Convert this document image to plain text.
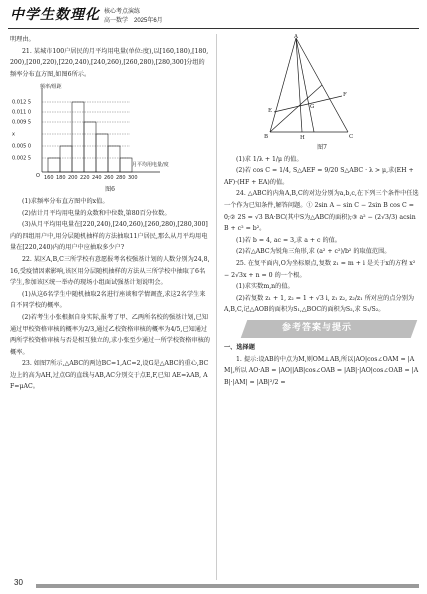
中学生数理化 核心考点演练
高一数学　2025年6月
明理由。
21. 某城市100户居民的月平均用电量(单位:度),以[160,180),[180,200),[200,220),[220,240),[240,260),[260,280),[280,300]分组的频率分布直方图,如图6所示。
频率/组距
O
0.012 5
0.011 0
0.009 5
x
0.005 0
0.002 5
160 180 200 220 240 260 280 300
月平均用电量/度
图6
(1)求频率分布直方图中的x值。
(2)估计月平均用电量的众数和中位数,第80百分位数。
(3)从月平均用电量在[220,240),[240,260),[260,280),[280,300]内的四组用户中,用分层随机抽样的方法抽取11户居民,那么从月平均用电量在[220,240)内的用户中应抽取多少户?
22. 某区A,B,C三所学校有意愿报考名校强基计划的人数分别为24,8,16,受疫情因素影响,该区用分层随机抽样的方法从三所学校中抽取了6名学生,参加该区统一举办的现场小组面试强基计划说明会。
(1)从这6名学生中随机抽取2名进行座谈和学情调查,求这2名学生来自不同学校的概率。
(2)若考生小张根据自身实际,报考了甲、乙两所名校的强基计划,已知通过甲校资格审核的概率为2/3,通过乙校资格审核的概率为4/5,已知通过两所学校资格审核与否是相互独立的,求小张至少通过一所学校资格审核的概率。
23. 如图7所示,△ABC的两边BC=1,AC=2,设G是△ABC的重心,BC边上的高为AH,过点G的直线与AB,AC分别交于点E,F,已知 AE=λAB, AF=μAC。
A
E
G
F
B	H	C
图7
(1)求 1/λ + 1/μ 的值。
(2)若 cos C = 1/4, S△AEF = 9/20 S△ABC · λ > μ,求(EH + AF)·(HF + EA)的值。
24. △ABC的内角A,B,C的对边分别为a,b,c,在下列三个条件中任选一个作为已知条件,解答问题。① 2sin A − sin C − 2sin B cos C = 0;② 2S = √3 BA·BC(其中S为△ABC的面积);③ a² − (2√3/3) acsin B + c² = b²。
(1)若 b = 4, ac = 3,求 a + c 的值。
(2)若△ABC为锐角三角形,求 (a² + c²)/b² 的取值范围。
25. 在复平面内,O为坐标原点,复数 z₁ = m + i 是关于x的方程 x² − 2√3x + n = 0 的一个根。
(1)求实数m,n的值。
(2)若复数 z₁ + 1, z₂ = 1 + √3 i, z₁ z₂, z₂/z₁ 所对应的点分别为A,B,C,记△AOB的面积为S₁,△BOC的面积为S₂,求 S₁/S₂。
参考答案与提示
一、选择题
1. 提示:设AB的中点为M,则OM⊥AB,所以|AO|cos∠OAM = |AM|,所以 AO·AB = |AO||AB|cos∠OAB = |AB|·|AO|cos∠OAB = |AB|·|AM| = |AB|²/2 =
30
